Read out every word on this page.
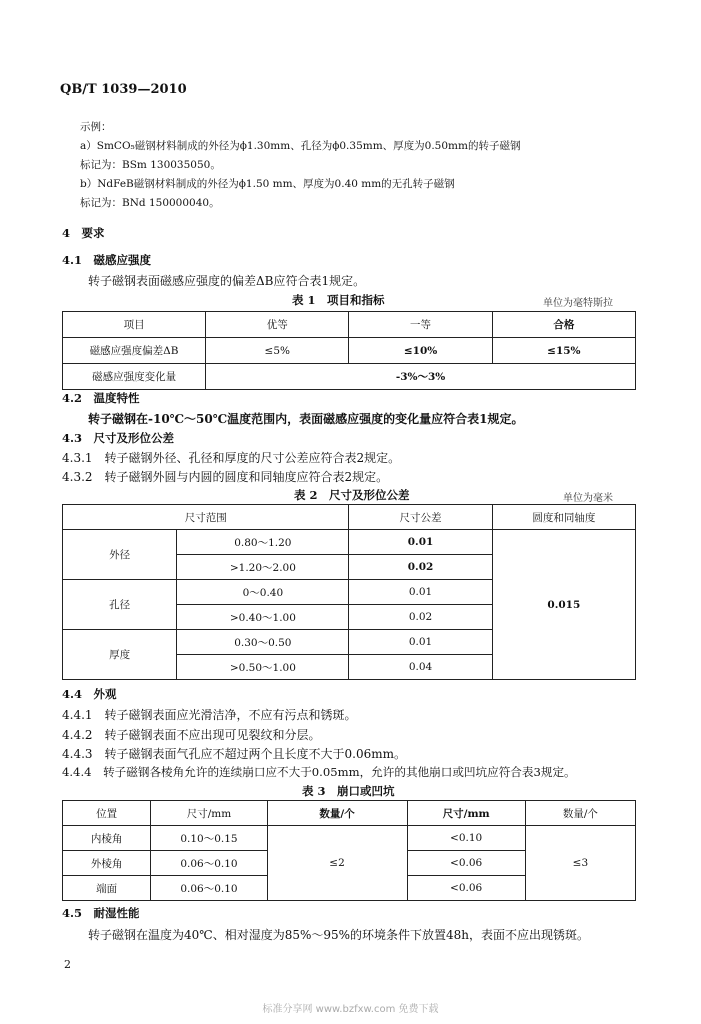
QB/T 1039—2010
示例：
a）SmCO₅磁钢材料制成的外径为ϕ1.30mm、孔径为ϕ0.35mm、厚度为0.50mm的转子磁钢
标记为：BSm 130035050。
b）NdFeB磁钢材料制成的外径为ϕ1.50 mm、厚度为0.40 mm的无孔转子磁钢
标记为：BNd 150000040。
4　要求
4.1　磁感应强度
转子磁钢表面磁感应强度的偏差ΔB应符合表1规定。
表 1　项目和指标	单位为毫特斯拉
项目	优等	一等	合格
磁感应强度偏差ΔB	≤5%	≤10%	≤15%
磁感应强度变化量	-3%～3%		
4.2　温度特性
转子磁钢在-10℃～50℃温度范围内，表面磁感应强度的变化量应符合表1规定。
4.3　尺寸及形位公差
4.3.1　转子磁钢外径、孔径和厚度的尺寸公差应符合表2规定。
4.3.2　转子磁钢外圆与内圆的圆度和同轴度应符合表2规定。
表 2　尺寸及形位公差	单位为毫米
尺寸范围		尺寸公差	圆度和同轴度
外径	0.80～1.20	0.01	0.015
	>1.20～2.00	0.02	
孔径	0～0.40	0.01	
	>0.40～1.00	0.02	
厚度	0.30～0.50	0.01	
	>0.50～1.00	0.04	
4.4　外观
4.4.1　转子磁钢表面应光滑洁净，不应有污点和锈斑。
4.4.2　转子磁钢表面不应出现可见裂纹和分层。
4.4.3　转子磁钢表面气孔应不超过两个且长度不大于0.06mm。
4.4.4　转子磁钢各棱角允许的连续崩口应不大于0.05mm，允许的其他崩口或凹坑应符合表3规定。
表 3　崩口或凹坑
位置	尺寸/mm	数量/个	尺寸/mm	数量/个
内棱角	0.10～0.15	≤2	<0.10	≤3
外棱角	0.06～0.10		<0.06	
端面	0.06～0.10		<0.06	
4.5　耐湿性能
转子磁钢在温度为40℃、相对湿度为85%～95%的环境条件下放置48h，表面不应出现锈斑。
2
标准分享网 www.bzfxw.com 免费下载
